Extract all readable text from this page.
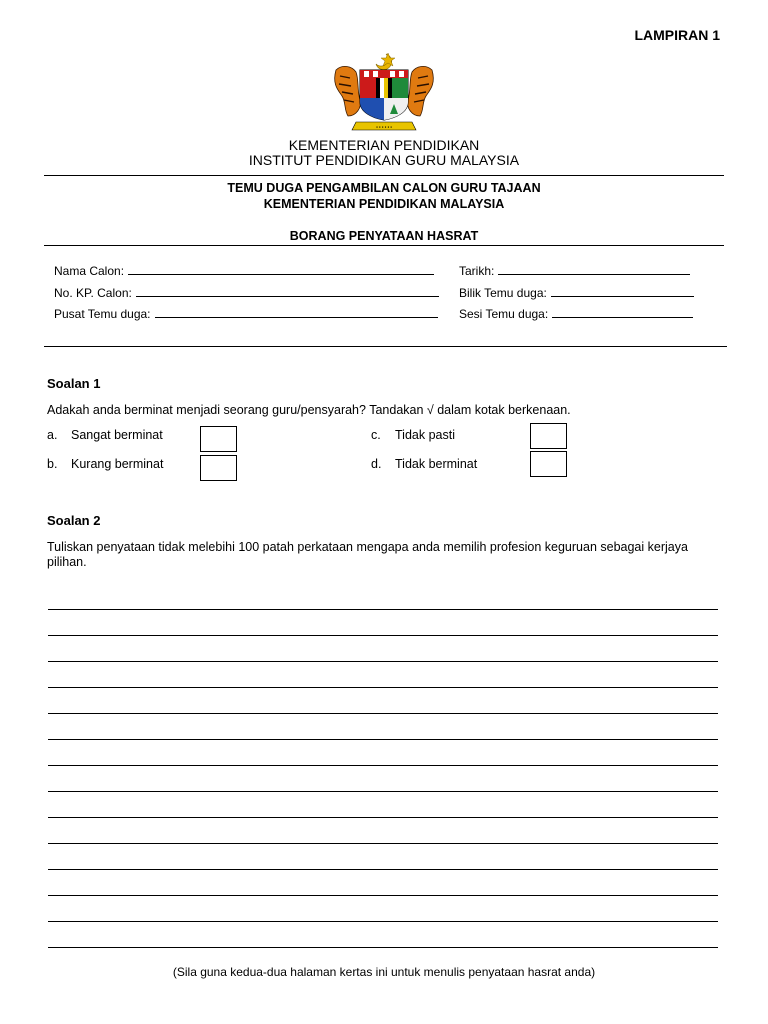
LAMPIRAN 1
▪ ▪ ▪ ▪ ▪ ▪
KEMENTERIAN PENDIDIKAN
INSTITUT PENDIDIKAN GURU MALAYSIA
TEMU DUGA PENGAMBILAN CALON GURU TAJAAN
KEMENTERIAN PENDIDIKAN MALAYSIA
BORANG PENYATAAN HASRAT
Nama Calon:
No. KP. Calon:
Pusat Temu duga:
Tarikh:
Bilik Temu duga:
Sesi Temu duga:
Soalan 1
Adakah anda berminat menjadi seorang guru/pensyarah? Tandakan √ dalam kotak berkenaan.
a. Sangat berminat
b. Kurang berminat
c. Tidak pasti
d. Tidak berminat
Soalan 2
Tuliskan penyataan tidak melebihi 100 patah perkataan mengapa anda memilih profesion keguruan sebagai kerjaya pilihan.
(Sila guna kedua-dua halaman kertas ini untuk menulis penyataan hasrat anda)
